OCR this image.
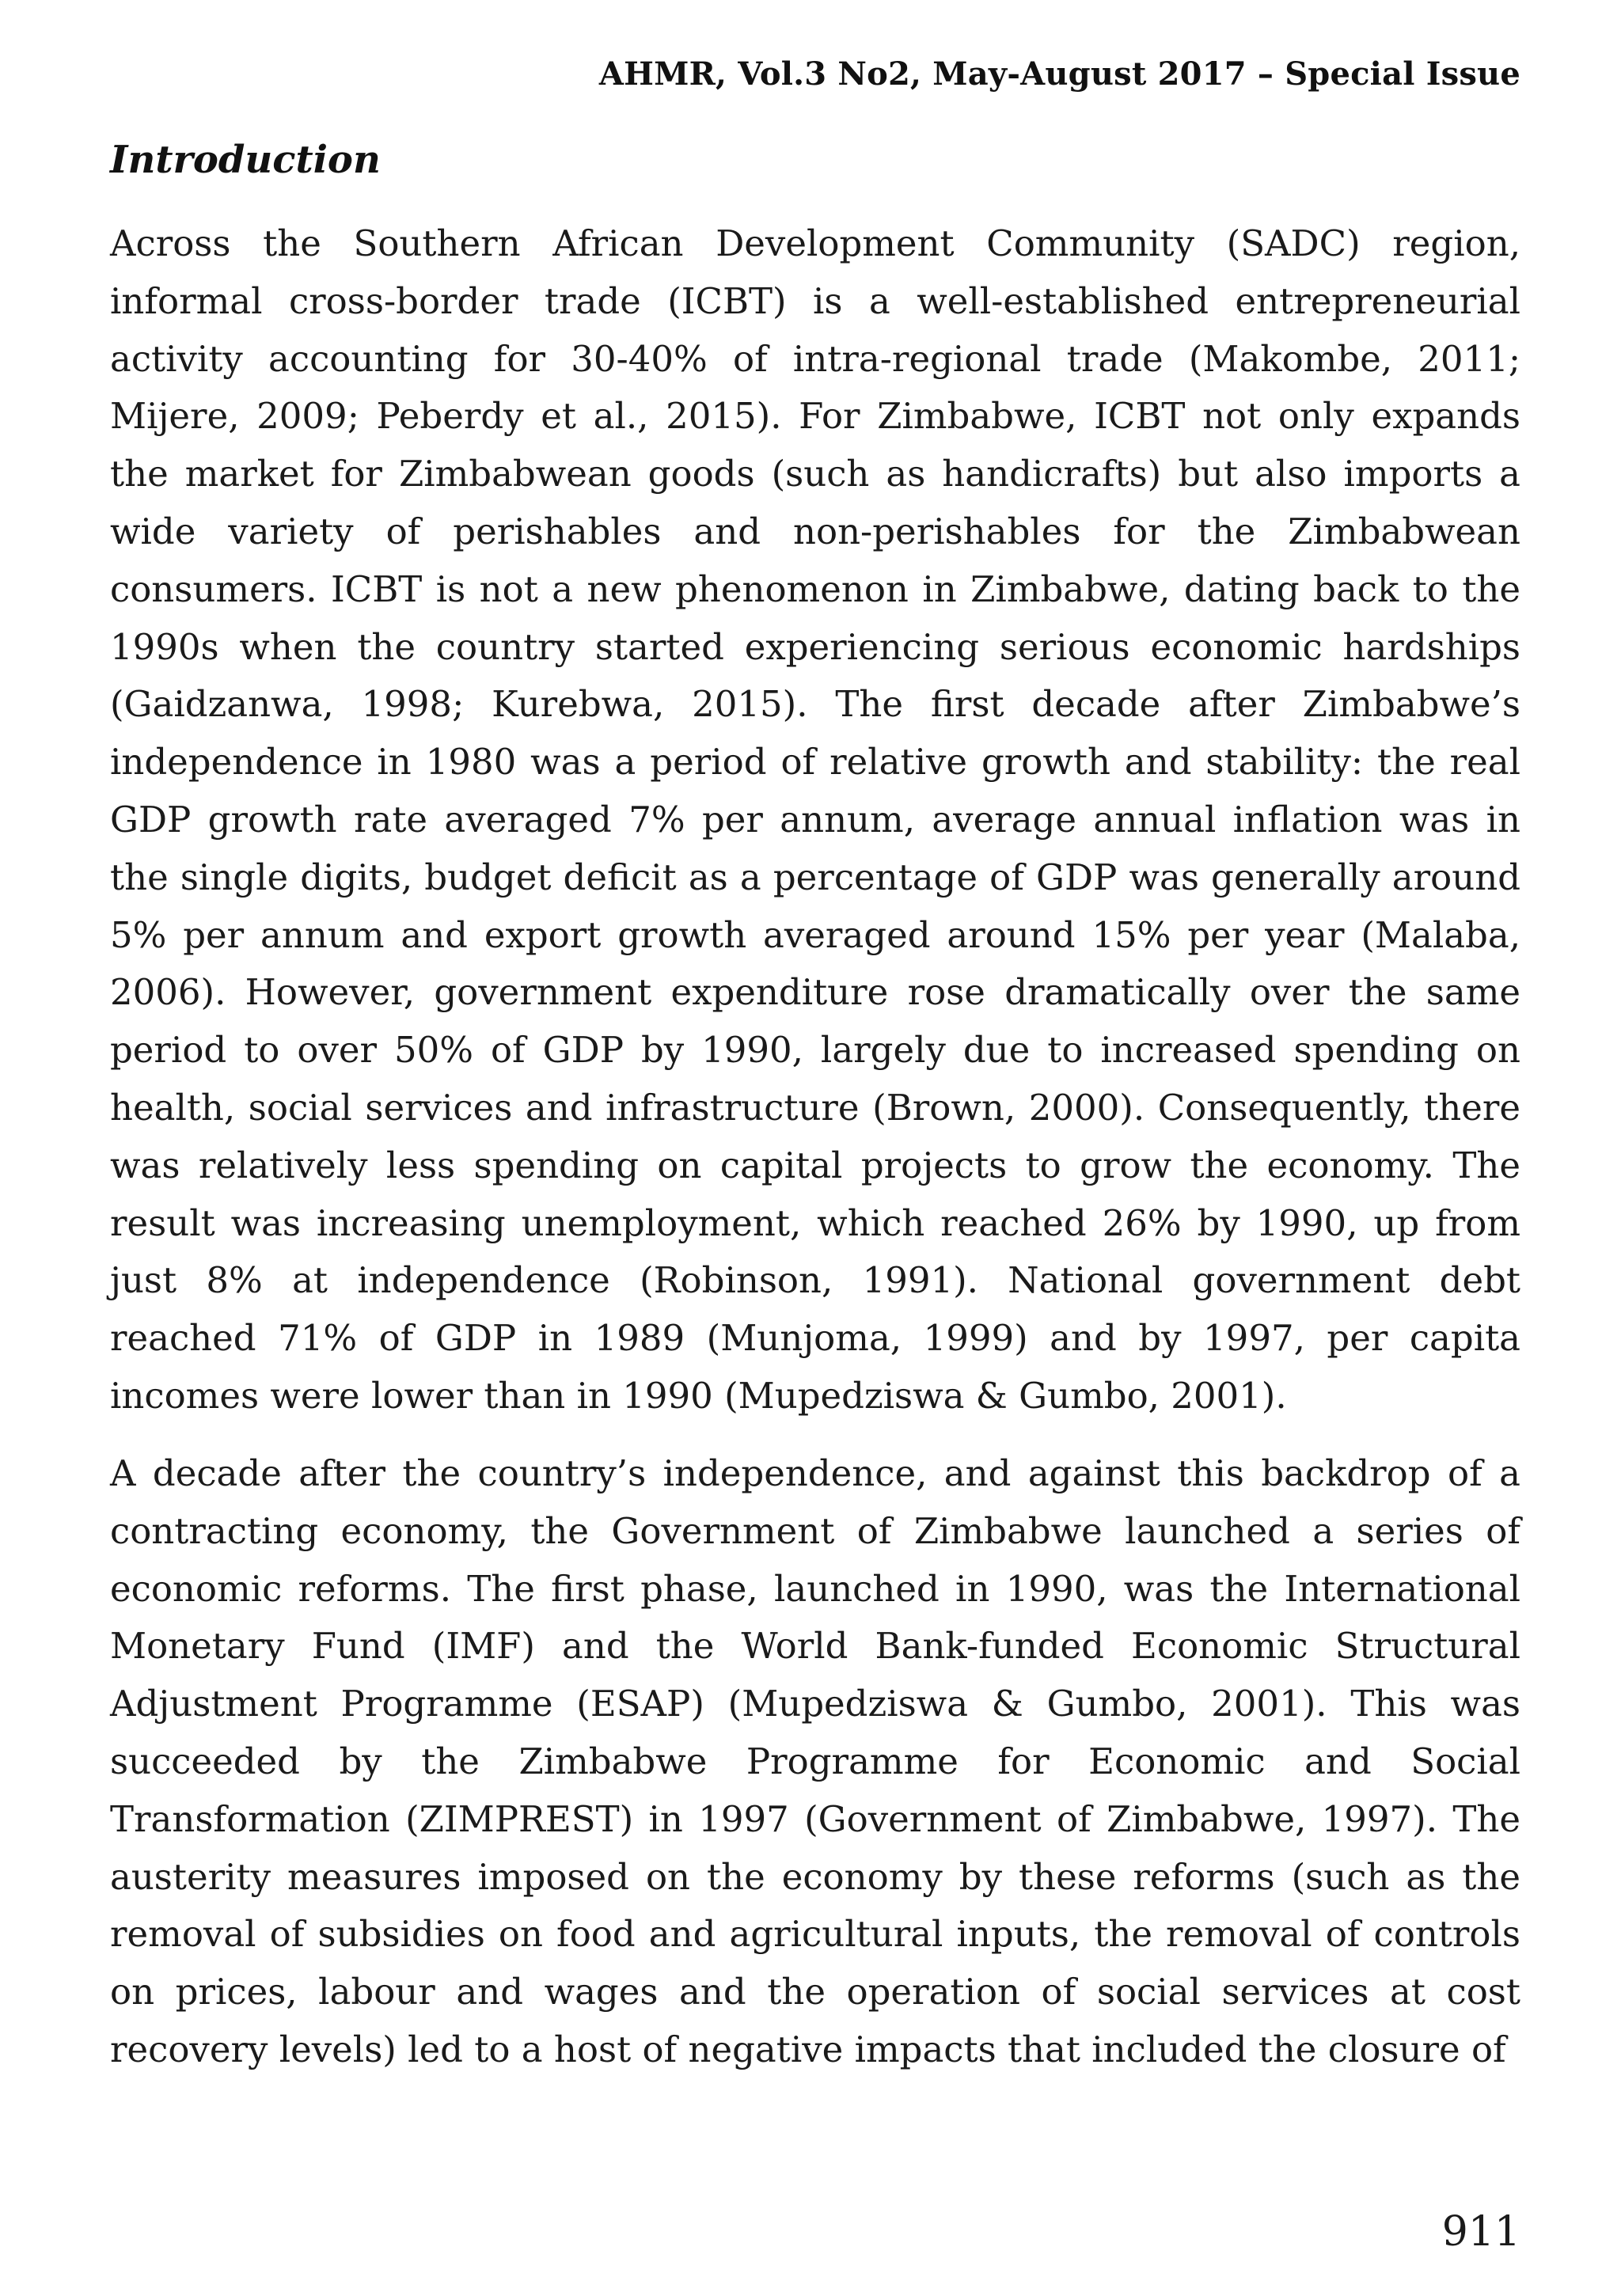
AHMR, Vol.3 No2, May-August 2017 – Special Issue
Introduction

Across the Southern African Development Community (SADC) region, informal cross-border trade (ICBT) is a well-established entrepreneurial activity accounting for 30-40% of intra-regional trade (Makombe, 2011; Mijere, 2009; Peberdy et al., 2015). For Zimbabwe, ICBT not only expands the market for Zimbabwean goods (such as handicrafts) but also imports a wide variety of perishables and non-perishables for the Zimbabwean consumers. ICBT is not a new phenomenon in Zimbabwe, dating back to the 1990s when the country started experiencing serious economic hardships (Gaidzanwa, 1998; Kurebwa, 2015). The first decade after Zimbabwe’s independence in 1980 was a period of relative growth and stability: the real GDP growth rate averaged 7% per annum, average annual inflation was in the single digits, budget deficit as a percentage of GDP was generally around 5% per annum and export growth averaged around 15% per year (Malaba, 2006). However, government expenditure rose dramatically over the same period to over 50% of GDP by 1990, largely due to increased spending on health, social services and infrastructure (Brown, 2000). Consequently, there was relatively less spending on capital projects to grow the economy. The result was increasing unemployment, which reached 26% by 1990, up from just 8% at independence (Robinson, 1991). National government debt reached 71% of GDP in 1989 (Munjoma, 1999) and by 1997, per capita incomes were lower than in 1990 (Mupedziswa & Gumbo, 2001).

A decade after the country’s independence, and against this backdrop of a contracting economy, the Government of Zimbabwe launched a series of economic reforms. The first phase, launched in 1990, was the International Monetary Fund (IMF) and the World Bank-funded Economic Structural Adjustment Programme (ESAP) (Mupedziswa & Gumbo, 2001). This was succeeded by the Zimbabwe Programme for Economic and Social Transformation (ZIMPREST) in 1997 (Government of Zimbabwe, 1997). The austerity measures imposed on the economy by these reforms (such as the removal of subsidies on food and agricultural inputs, the removal of controls on prices, labour and wages and the operation of social services at cost recovery levels) led to a host of negative impacts that included the closure of

911
